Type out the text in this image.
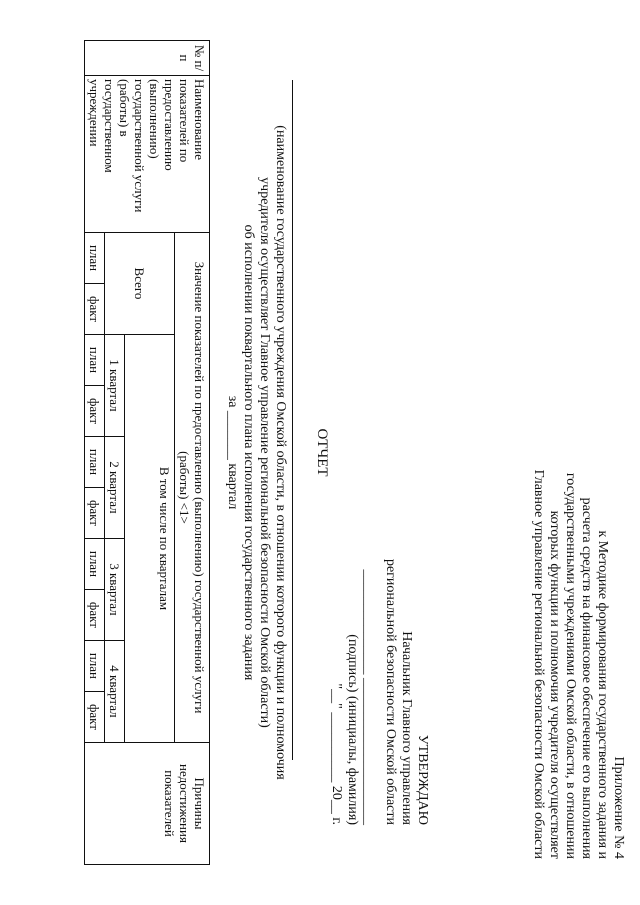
Приложение № 4
к Методике формирования государственного задания и
расчета средств на финансовое обеспечение его выполнения
государственными учреждениями Омской области, в отношении
которых функции и полномочия учредителя осуществляет
Главное управление региональной безопасности Омской области
УТВЕРЖДАЮ
Начальник Главного управления
региональной безопасности Омской области
_______________ _____________________
(подпись) (инициалы, фамилия)
"__" __________ 20__ г.
ОТЧЕТ
(наименование государственного учреждения Омской области, в отношении которого функции и полномочия
учредителя осуществляет Главное управление региональной безопасности Омской области)
об исполнении поквартального плана исполнения государственного задания
за _______ квартал
№ п/п	Наименование показателей по предоставлению (выполнению) государственной услуги (работы) в государственном учреждении	Значение показателей по предоставлению (выполнению) государственной услуги (работы) <1>										Причины недостижения показателей
		Всего		В том числе по кварталам								
				1 квартал		2 квартал		3 квартал		4 квартал		
		план	факт	план	факт	план	факт	план	факт	план	факт	
